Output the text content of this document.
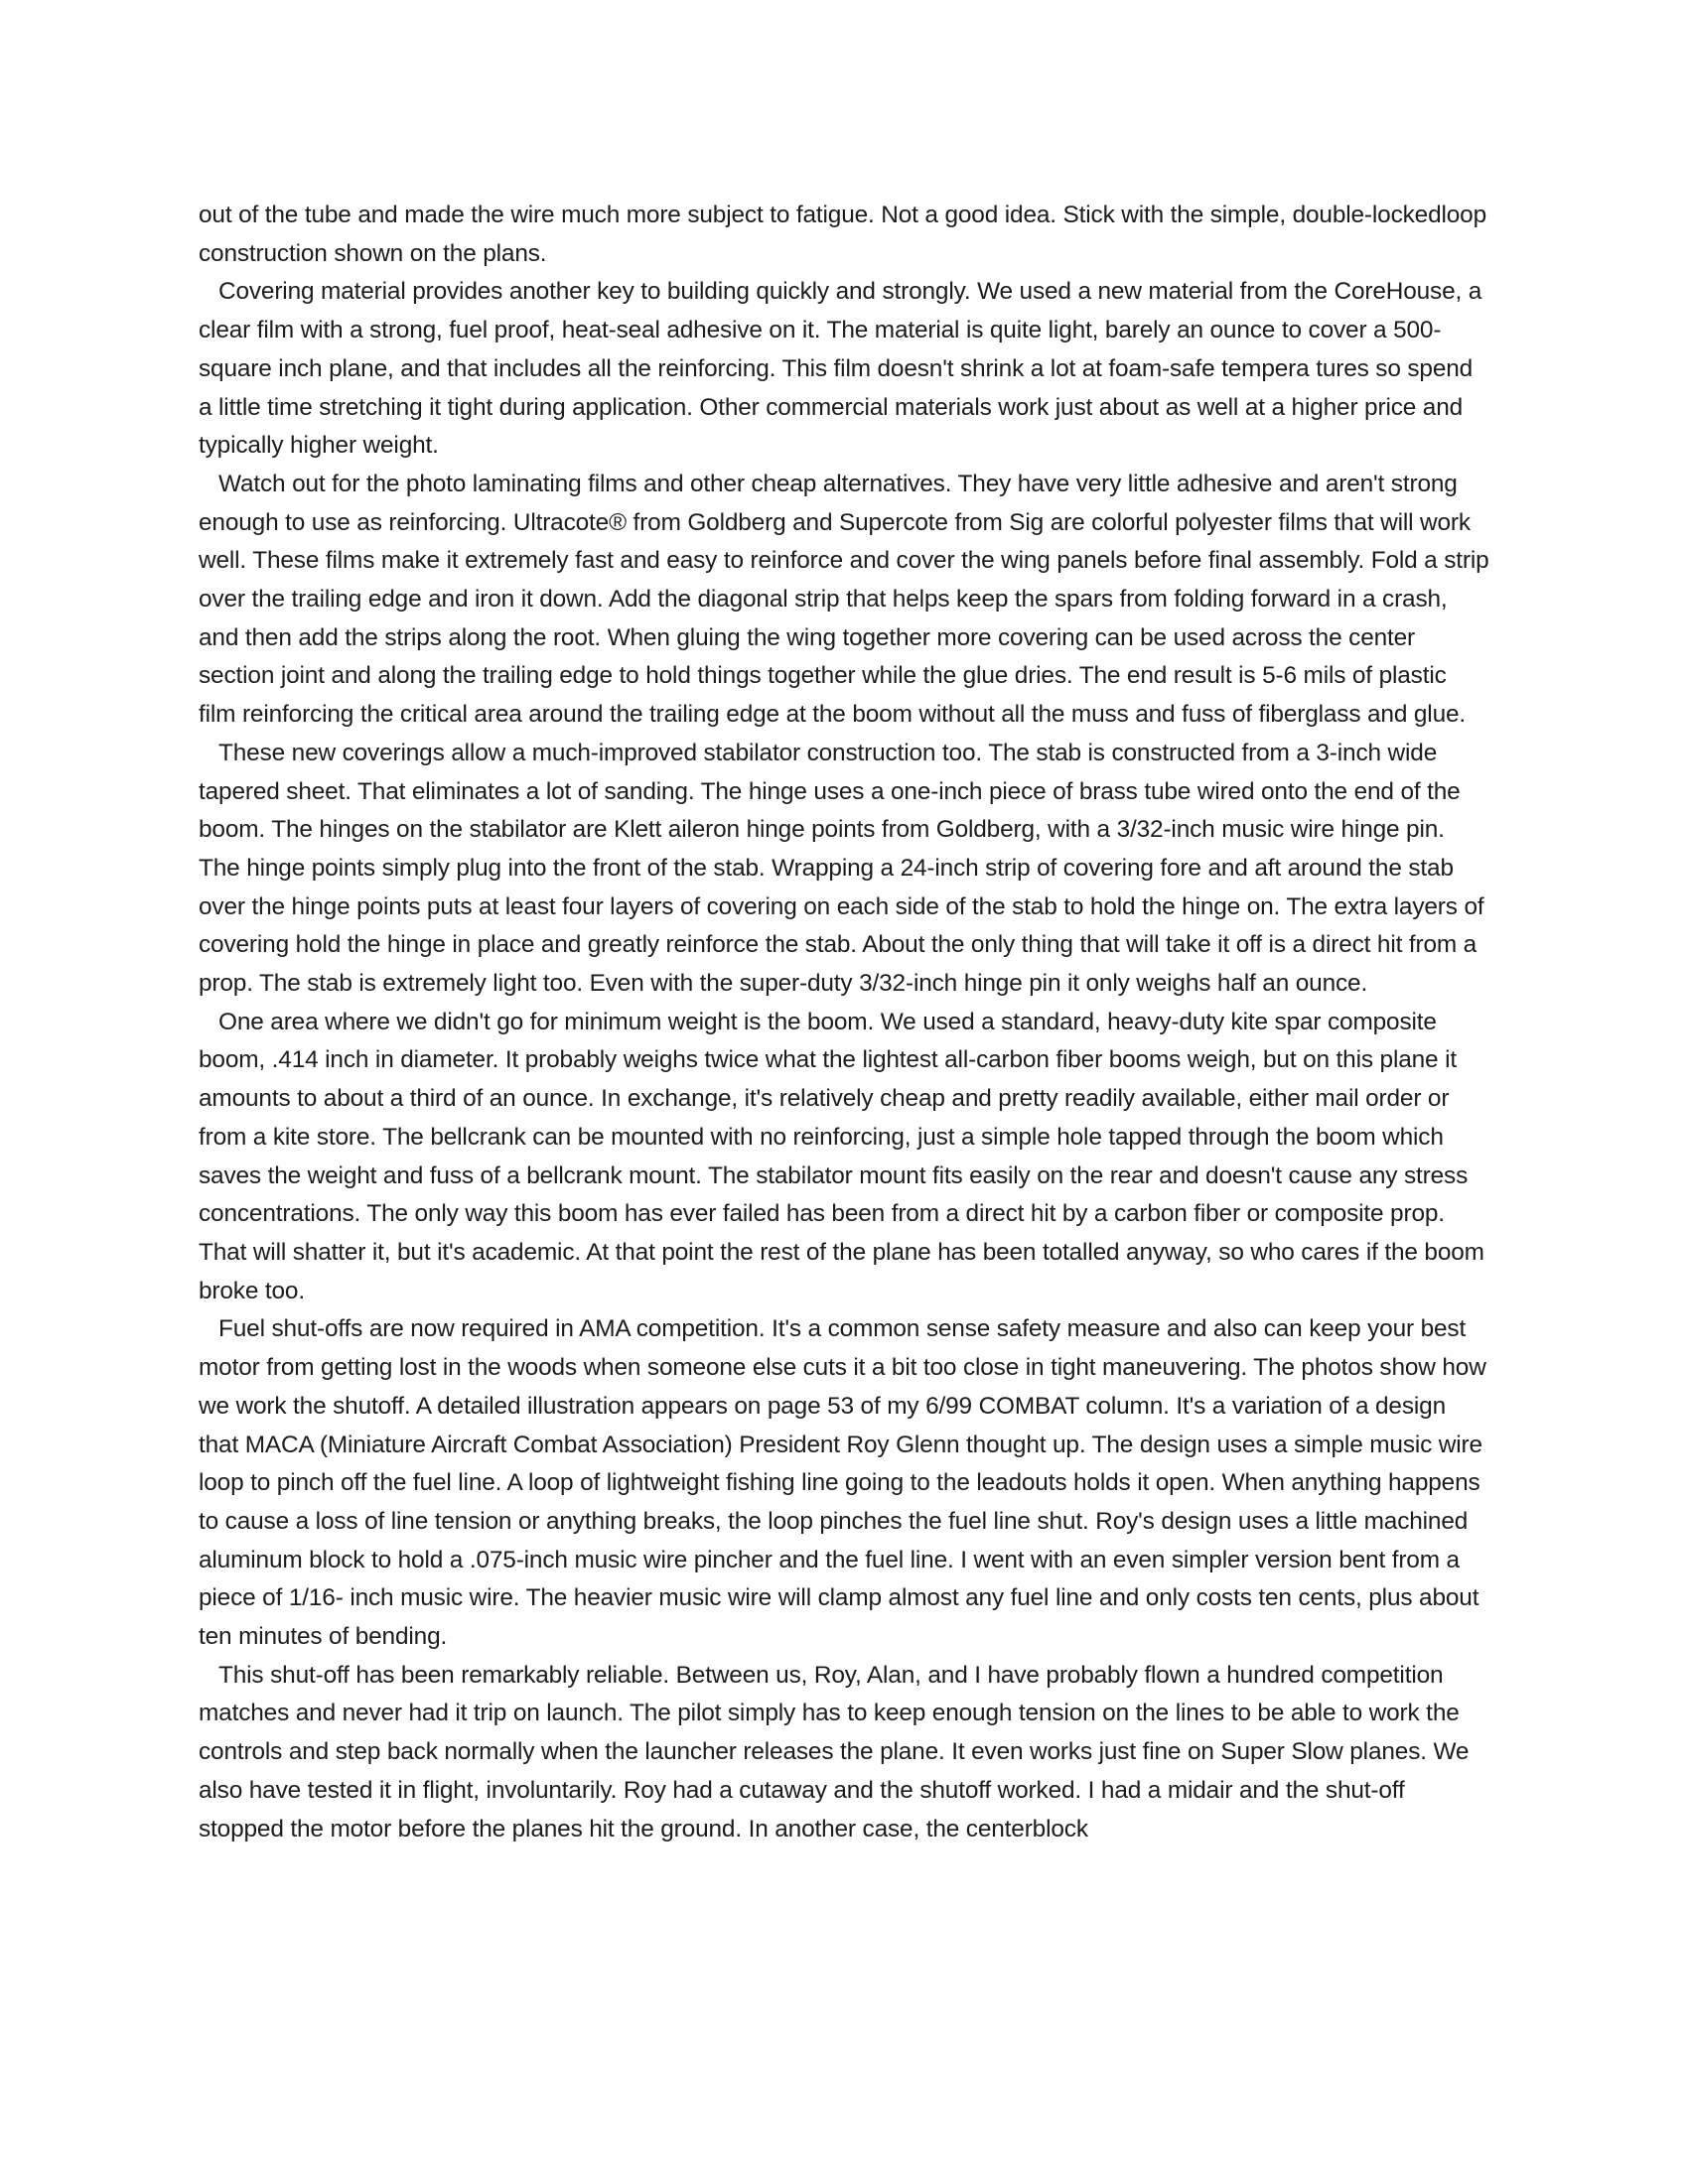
out of the tube and made the wire much more subject to fatigue. Not a good idea. Stick with the simple, double-lockedloop construction shown on the plans.

Covering material provides another key to building quickly and strongly. We used a new material from the CoreHouse, a clear film with a strong, fuel proof, heat-seal adhesive on it. The material is quite light, barely an ounce to cover a 500-square inch plane, and that includes all the reinforcing. This film doesn't shrink a lot at foam-safe tempera tures so spend a little time stretching it tight during application. Other commercial materials work just about as well at a higher price and typically higher weight.

Watch out for the photo laminating films and other cheap alternatives. They have very little adhesive and aren't strong enough to use as reinforcing. Ultracote® from Goldberg and Supercote from Sig are colorful polyester films that will work well. These films make it extremely fast and easy to reinforce and cover the wing panels before final assembly. Fold a strip over the trailing edge and iron it down. Add the diagonal strip that helps keep the spars from folding forward in a crash, and then add the strips along the root. When gluing the wing together more covering can be used across the center section joint and along the trailing edge to hold things together while the glue dries. The end result is 5-6 mils of plastic film reinforcing the critical area around the trailing edge at the boom without all the muss and fuss of fiberglass and glue.

These new coverings allow a much-improved stabilator construction too. The stab is constructed from a 3-inch wide tapered sheet. That eliminates a lot of sanding. The hinge uses a one-inch piece of brass tube wired onto the end of the boom. The hinges on the stabilator are Klett aileron hinge points from Goldberg, with a 3/32-inch music wire hinge pin. The hinge points simply plug into the front of the stab. Wrapping a 24-inch strip of covering fore and aft around the stab over the hinge points puts at least four layers of covering on each side of the stab to hold the hinge on. The extra layers of covering hold the hinge in place and greatly reinforce the stab. About the only thing that will take it off is a direct hit from a prop. The stab is extremely light too. Even with the super-duty 3/32-inch hinge pin it only weighs half an ounce.

One area where we didn't go for minimum weight is the boom. We used a standard, heavy-duty kite spar composite boom, .414 inch in diameter. It probably weighs twice what the lightest all-carbon fiber booms weigh, but on this plane it amounts to about a third of an ounce. In exchange, it's relatively cheap and pretty readily available, either mail order or from a kite store. The bellcrank can be mounted with no reinforcing, just a simple hole tapped through the boom which saves the weight and fuss of a bellcrank mount. The stabilator mount fits easily on the rear and doesn't cause any stress concentrations. The only way this boom has ever failed has been from a direct hit by a carbon fiber or composite prop. That will shatter it, but it's academic. At that point the rest of the plane has been totalled anyway, so who cares if the boom broke too.

Fuel shut-offs are now required in AMA competition. It's a common sense safety measure and also can keep your best motor from getting lost in the woods when someone else cuts it a bit too close in tight maneuvering. The photos show how we work the shutoff. A detailed illustration appears on page 53 of my 6/99 COMBAT column. It's a variation of a design that MACA (Miniature Aircraft Combat Association) President Roy Glenn thought up. The design uses a simple music wire loop to pinch off the fuel line. A loop of lightweight fishing line going to the leadouts holds it open. When anything happens to cause a loss of line tension or anything breaks, the loop pinches the fuel line shut. Roy's design uses a little machined aluminum block to hold a .075-inch music wire pincher and the fuel line. I went with an even simpler version bent from a piece of 1/16- inch music wire. The heavier music wire will clamp almost any fuel line and only costs ten cents, plus about ten minutes of bending.

This shut-off has been remarkably reliable. Between us, Roy, Alan, and I have probably flown a hundred competition matches and never had it trip on launch. The pilot simply has to keep enough tension on the lines to be able to work the controls and step back normally when the launcher releases the plane. It even works just fine on Super Slow planes. We also have tested it in flight, involuntarily. Roy had a cutaway and the shutoff worked. I had a midair and the shut-off stopped the motor before the planes hit the ground. In another case, the centerblock
